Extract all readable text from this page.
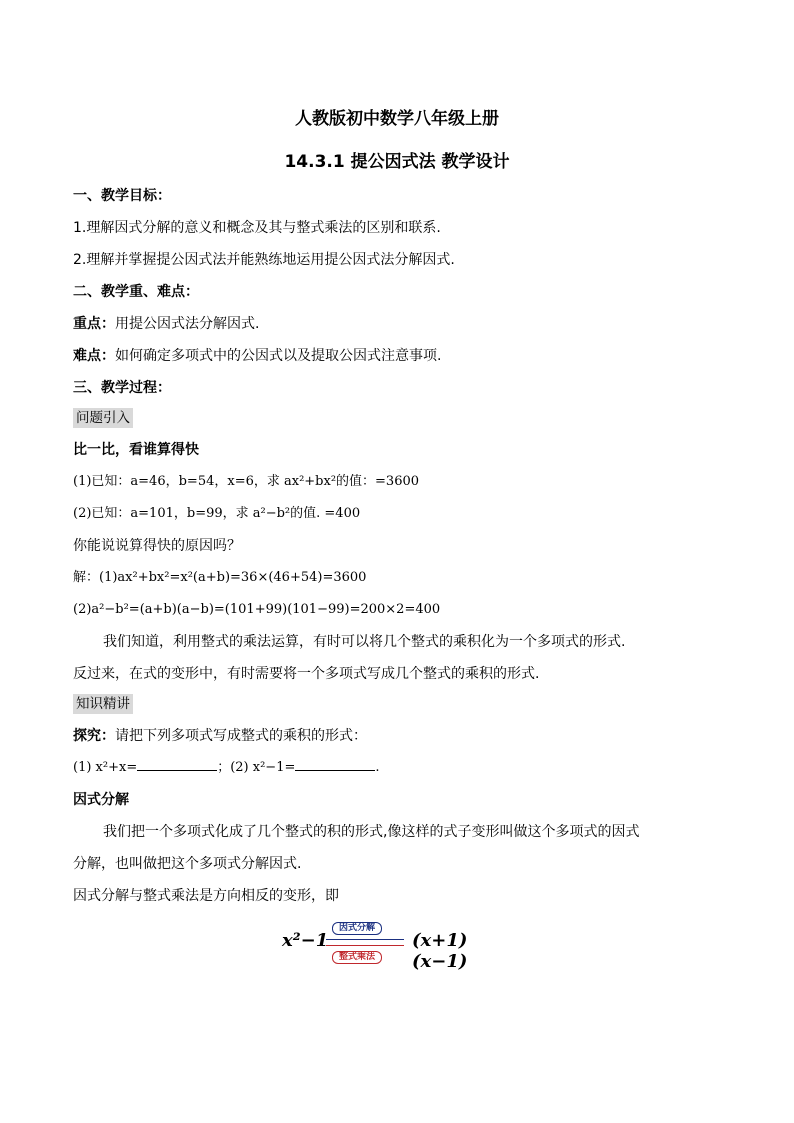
人教版初中数学八年级上册
14.3.1 提公因式法 教学设计
一、教学目标：
1.理解因式分解的意义和概念及其与整式乘法的区别和联系.
2.理解并掌握提公因式法并能熟练地运用提公因式法分解因式.
二、教学重、难点：
重点：用提公因式法分解因式.
难点：如何确定多项式中的公因式以及提取公因式注意事项.
三、教学过程：
问题引入
比一比，看谁算得快
(1)已知：a=46，b=54，x=6，求 ax²+bx²的值：=3600
(2)已知：a=101，b=99，求 a²−b²的值. =400
你能说说算得快的原因吗？
解：(1)ax²+bx²=x²(a+b)=36×(46+54)=3600
(2)a²−b²=(a+b)(a−b)=(101+99)(101−99)=200×2=400
我们知道，利用整式的乘法运算，有时可以将几个整式的乘积化为一个多项式的形式.
反过来，在式的变形中，有时需要将一个多项式写成几个整式的乘积的形式.
知识精讲
探究：请把下列多项式写成整式的乘积的形式：
(1) x²+x=	；(2) x²−1=	.
因式分解
我们把一个多项式化成了几个整式的积的形式,像这样的式子变形叫做这个多项式的因式
分解，也叫做把这个多项式分解因式.
因式分解与整式乘法是方向相反的变形，即
x²−1
因式分解
整式乘法
(x+1) (x−1)
